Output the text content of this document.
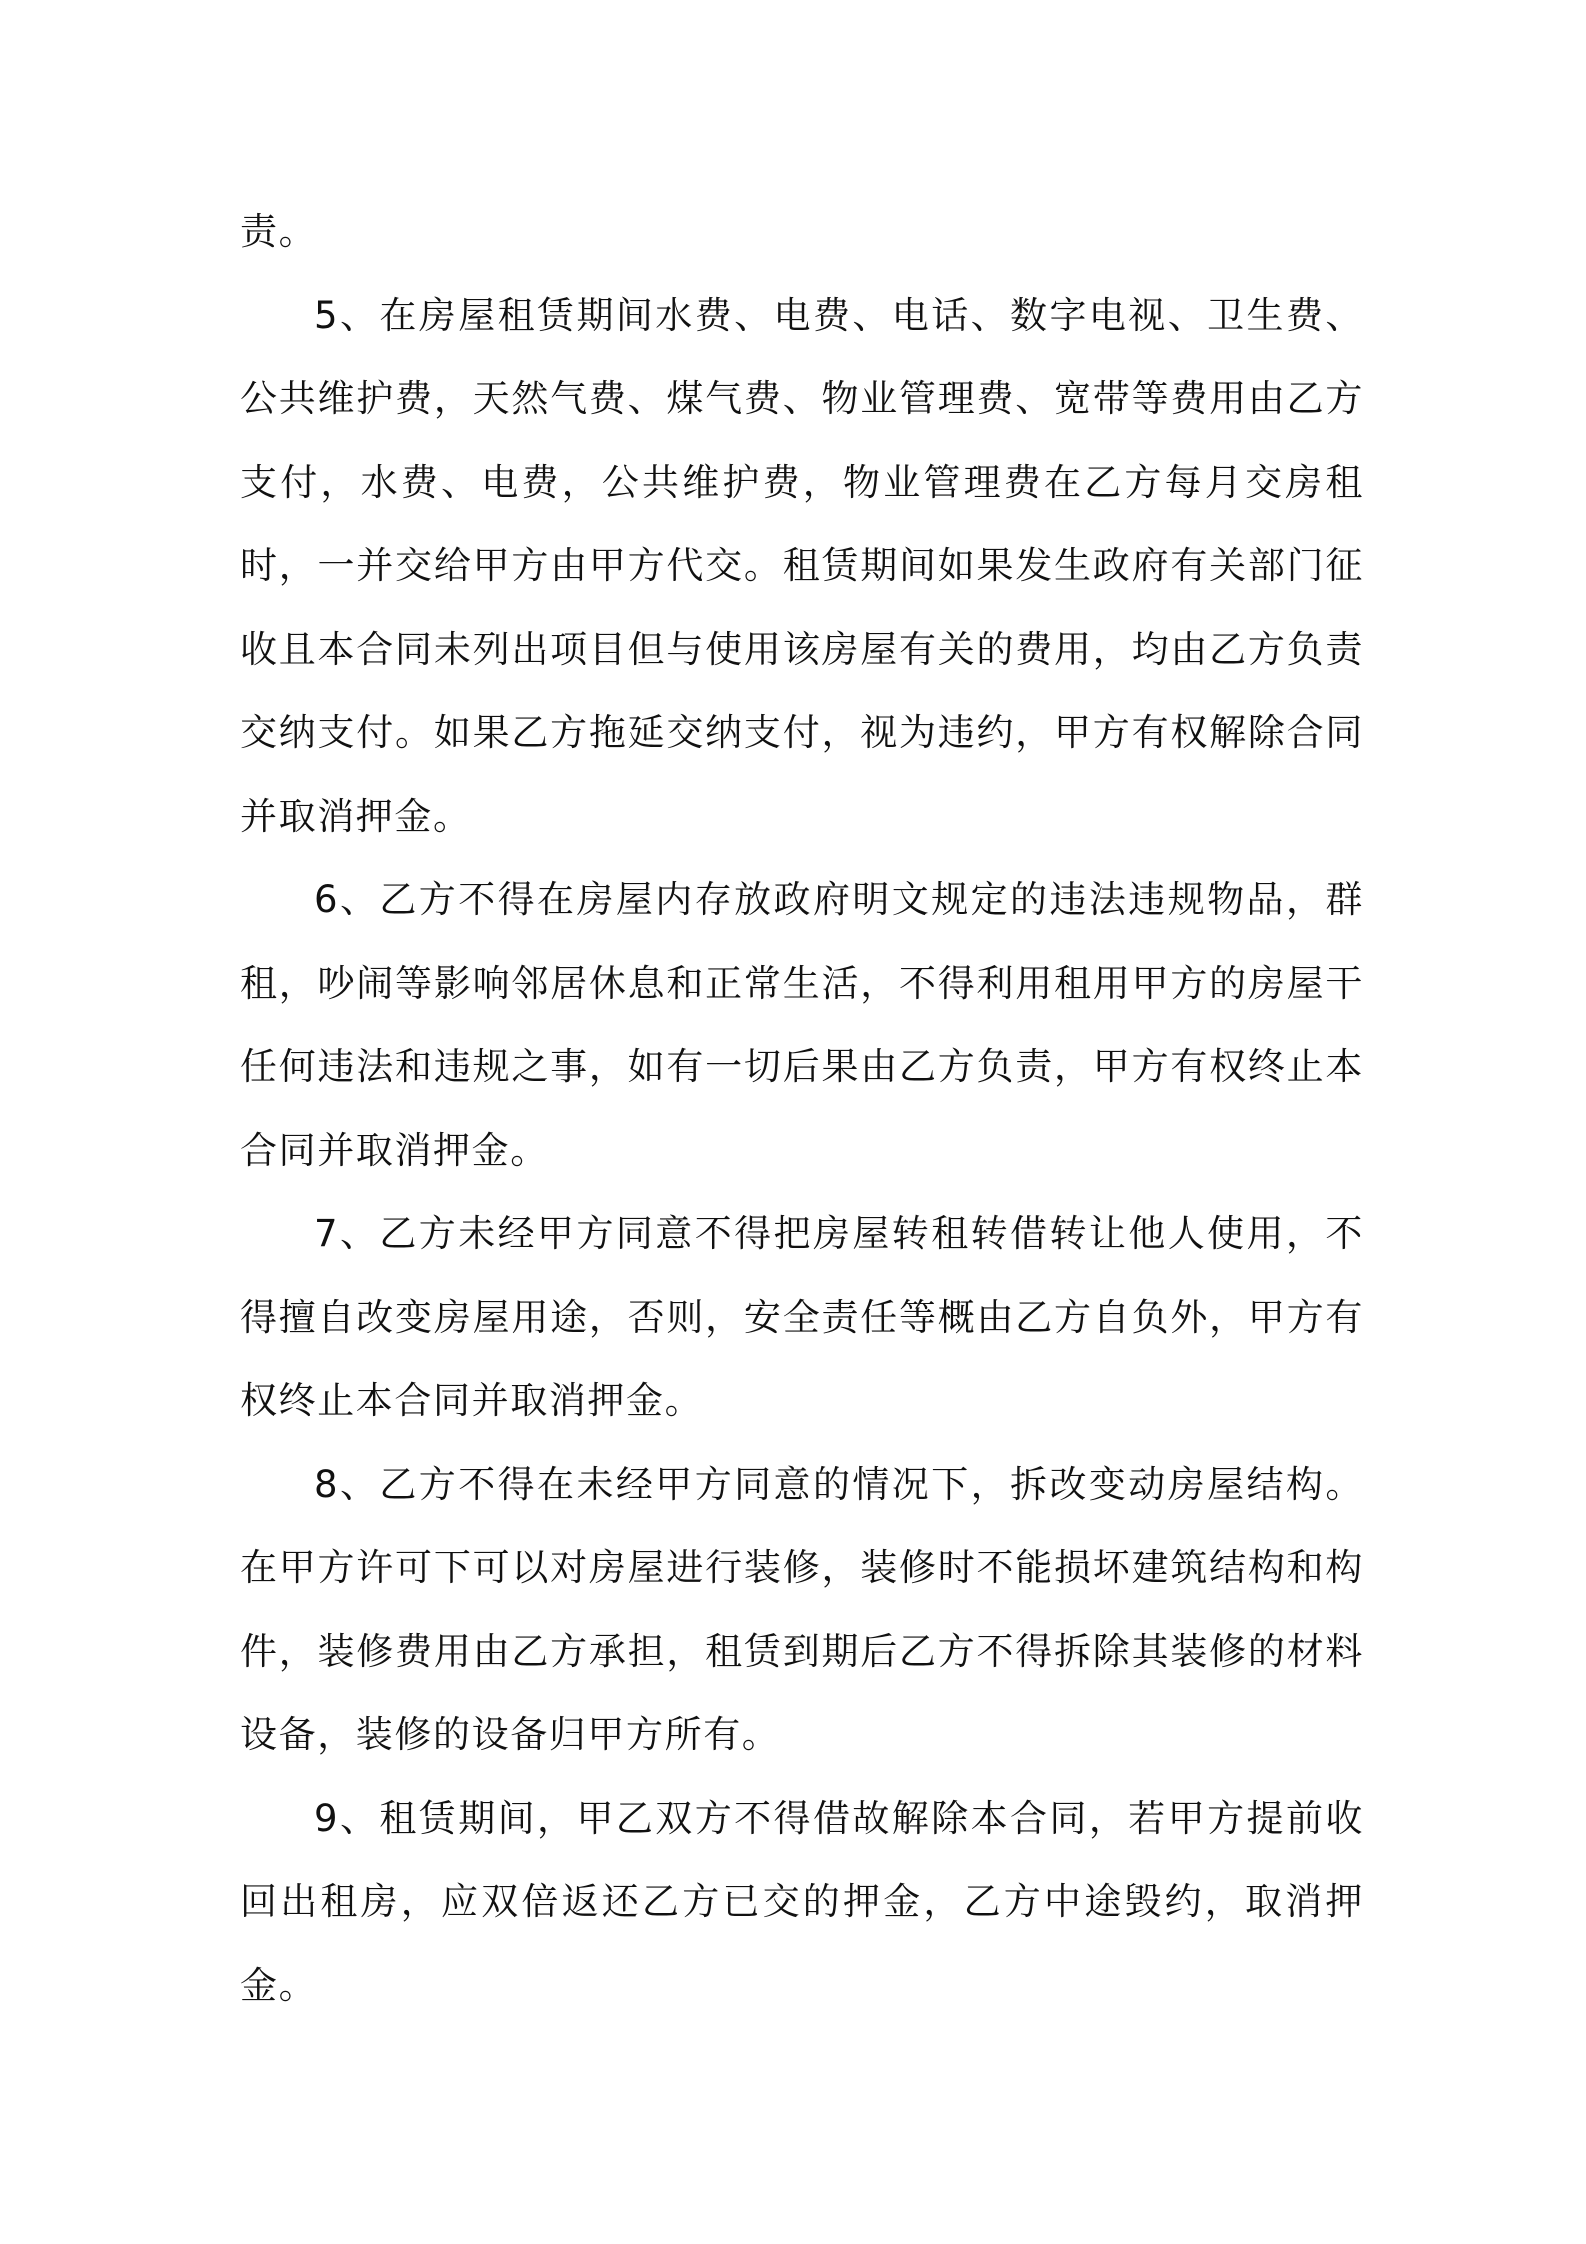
责。

5、在房屋租赁期间水费、电费、电话、数字电视、卫生费、公共维护费，天然气费、煤气费、物业管理费、宽带等费用由乙方支付，水费、电费，公共维护费，物业管理费在乙方每月交房租时，一并交给甲方由甲方代交。租赁期间如果发生政府有关部门征收且本合同未列出项目但与使用该房屋有关的费用，均由乙方负责交纳支付。如果乙方拖延交纳支付，视为违约，甲方有权解除合同并取消押金。

6、乙方不得在房屋内存放政府明文规定的违法违规物品，群租，吵闹等影响邻居休息和正常生活，不得利用租用甲方的房屋干任何违法和违规之事，如有一切后果由乙方负责，甲方有权终止本合同并取消押金。

7、乙方未经甲方同意不得把房屋转租转借转让他人使用，不得擅自改变房屋用途，否则，安全责任等概由乙方自负外，甲方有权终止本合同并取消押金。

8、乙方不得在未经甲方同意的情况下，拆改变动房屋结构。在甲方许可下可以对房屋进行装修，装修时不能损坏建筑结构和构件，装修费用由乙方承担，租赁到期后乙方不得拆除其装修的材料设备，装修的设备归甲方所有。

9、租赁期间，甲乙双方不得借故解除本合同，若甲方提前收回出租房，应双倍返还乙方已交的押金，乙方中途毁约，取消押金。
